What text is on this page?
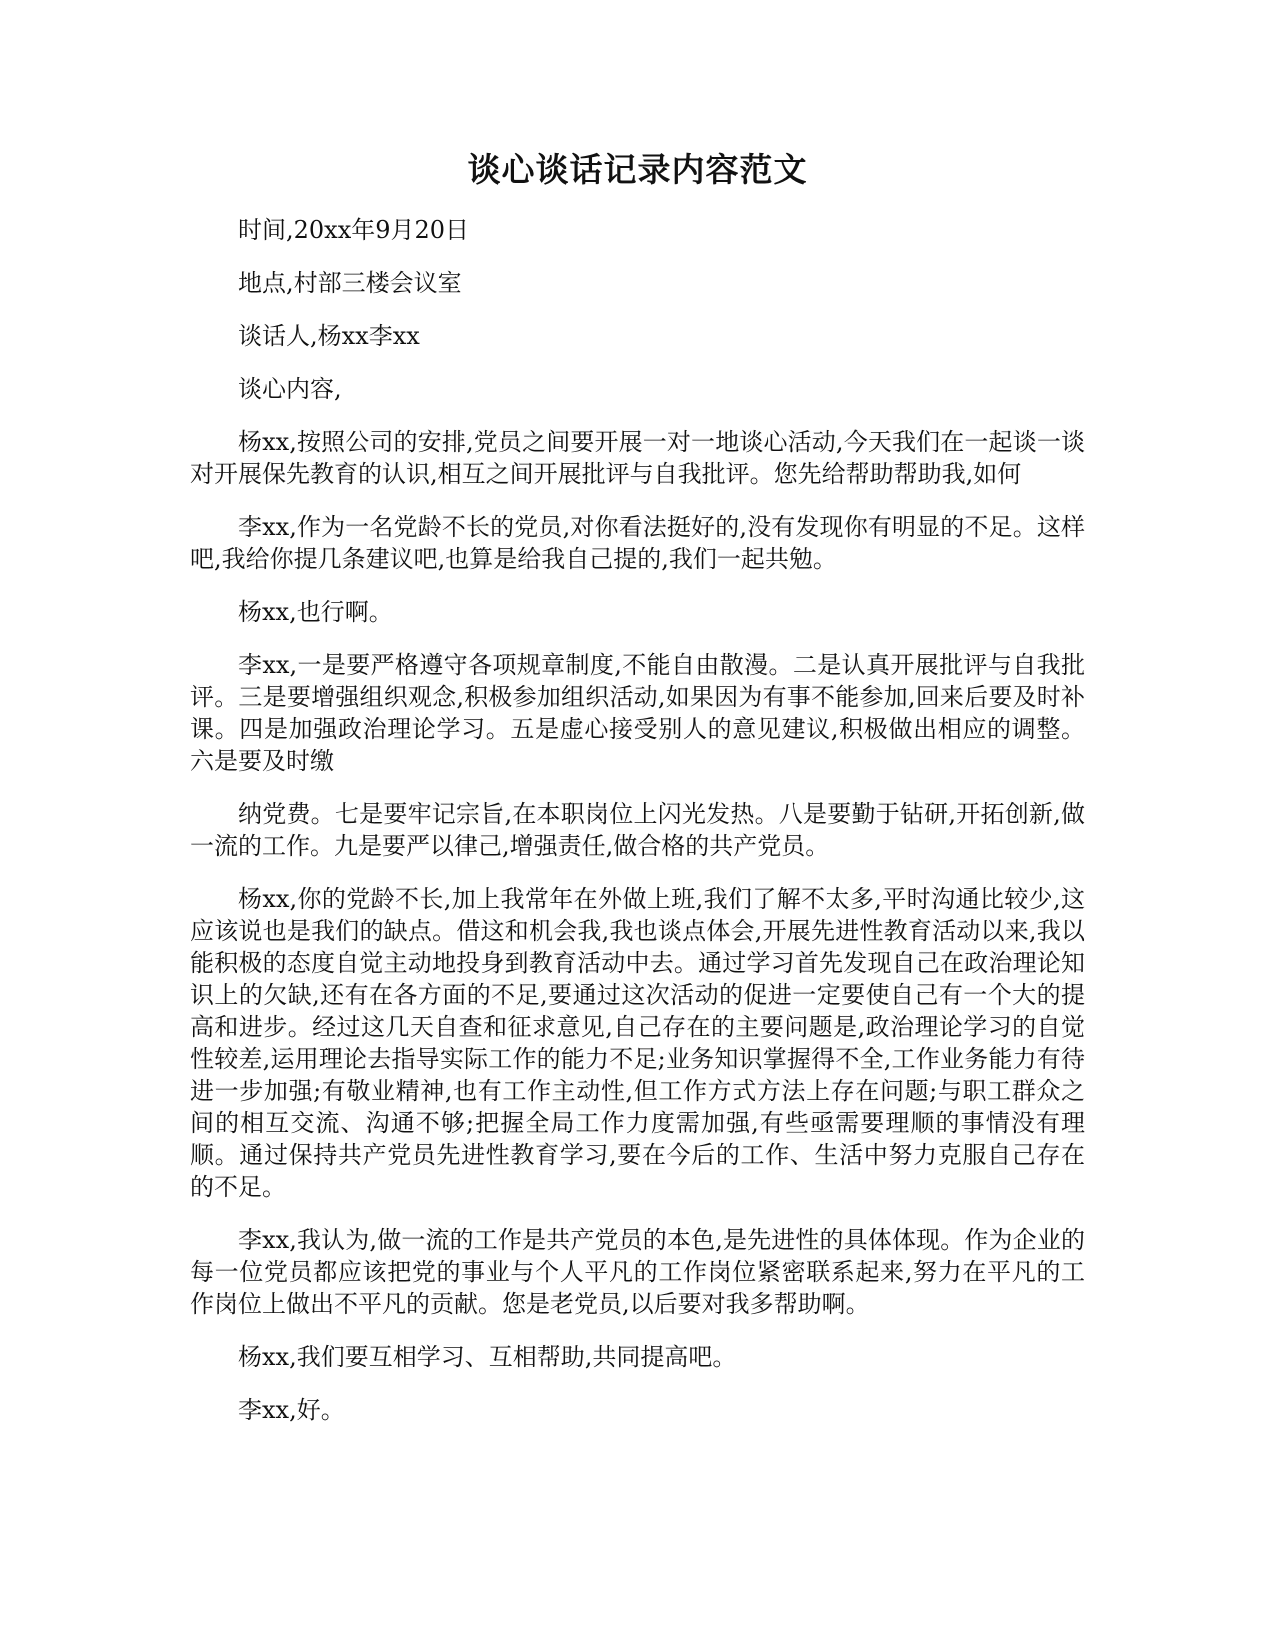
谈心谈话记录内容范文

时间,20xx年9月20日

地点,村部三楼会议室

谈话人,杨xx李xx

谈心内容,

杨xx,按照公司的安排,党员之间要开展一对一地谈心活动,今天我们在一起谈一谈对开展保先教育的认识,相互之间开展批评与自我批评。您先给帮助帮助我,如何

李xx,作为一名党龄不长的党员,对你看法挺好的,没有发现你有明显的不足。这样吧,我给你提几条建议吧,也算是给我自己提的,我们一起共勉。

杨xx,也行啊。

李xx,一是要严格遵守各项规章制度,不能自由散漫。二是认真开展批评与自我批评。三是要增强组织观念,积极参加组织活动,如果因为有事不能参加,回来后要及时补课。四是加强政治理论学习。五是虚心接受别人的意见建议,积极做出相应的调整。六是要及时缴

纳党费。七是要牢记宗旨,在本职岗位上闪光发热。八是要勤于钻研,开拓创新,做一流的工作。九是要严以律己,增强责任,做合格的共产党员。

杨xx,你的党龄不长,加上我常年在外做上班,我们了解不太多,平时沟通比较少,这应该说也是我们的缺点。借这和机会我,我也谈点体会,开展先进性教育活动以来,我以能积极的态度自觉主动地投身到教育活动中去。通过学习首先发现自己在政治理论知识上的欠缺,还有在各方面的不足,要通过这次活动的促进一定要使自己有一个大的提高和进步。经过这几天自查和征求意见,自己存在的主要问题是,政治理论学习的自觉性较差,运用理论去指导实际工作的能力不足;业务知识掌握得不全,工作业务能力有待进一步加强;有敬业精神,也有工作主动性,但工作方式方法上存在问题;与职工群众之间的相互交流、沟通不够;把握全局工作力度需加强,有些亟需要理顺的事情没有理顺。通过保持共产党员先进性教育学习,要在今后的工作、生活中努力克服自己存在的不足。

李xx,我认为,做一流的工作是共产党员的本色,是先进性的具体体现。作为企业的每一位党员都应该把党的事业与个人平凡的工作岗位紧密联系起来,努力在平凡的工作岗位上做出不平凡的贡献。您是老党员,以后要对我多帮助啊。

杨xx,我们要互相学习、互相帮助,共同提高吧。

李xx,好。
